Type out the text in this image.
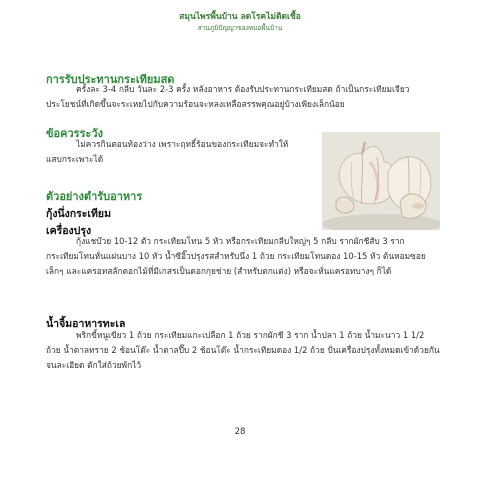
สมุนไพรพื้นบ้าน ลดโรคไม่ติดเชื้อ
สานภูมิปัญญาของหมอพื้นบ้าน
การรับประทานกระเทียมสด
ครั้งละ 3-4 กลีบ วันละ 2-3 ครั้ง หลังอาหาร ต้องรับประทานกระเทียมสด ถ้าเป็นกระเทียมเจียวประโยชน์ที่เกิดขึ้นจะระเหยไปกับความร้อนจะหลงเหลือสรรพคุณอยู่บ้างเพียงเล็กน้อย
ข้อควรระวัง
ไม่ควรกินตอนท้องว่าง เพราะฤทธิ์ร้อนของกระเทียมจะทำให้แสบกระเพาะได้
ตัวอย่างตำรับอาหาร
กุ้งนึ่งกระเทียม
เครื่องปรุง
กุ้งแชบ๊วย 10-12 ตัว กระเทียมโทน 5 หัว หรือกระเทียมกลีบใหญ่ๆ 5 กลีบ รากผักชีสับ 3 ราก กระเทียมโทนหั่นแผ่นบาง 10 หัว น้ำซีอิ๊วปรุงรสสำหรับนึ่ง 1 ถ้วย กระเทียมโทนดอง 10-15 หัว ต้นหอมซอยเล็กๆ และแครอทสลักดอกไม้ที่มีเกสรเป็นดอกกุยช่าย (สำหรับตกแต่ง) หรือจะหั่นแครอทบางๆ ก็ได้
น้ำจิ้มอาหารทะเล
พริกขี้หนูเขียว 1 ถ้วย กระเทียมแกะเปลือก 1 ถ้วย รากผักชี 3 ราก น้ำปลา 1 ถ้วย น้ำมะนาว 1 1/2 ถ้วย น้ำตาลทราย 2 ช้อนโต๊ะ น้ำตาลปี๊บ 2 ช้อนโต๊ะ น้ำกระเทียมดอง 1/2 ถ้วย ปั่นเครื่องปรุงทั้งหมดเข้าด้วยกันจนละเอียด ตักใส่ถ้วยพักไว้
28
